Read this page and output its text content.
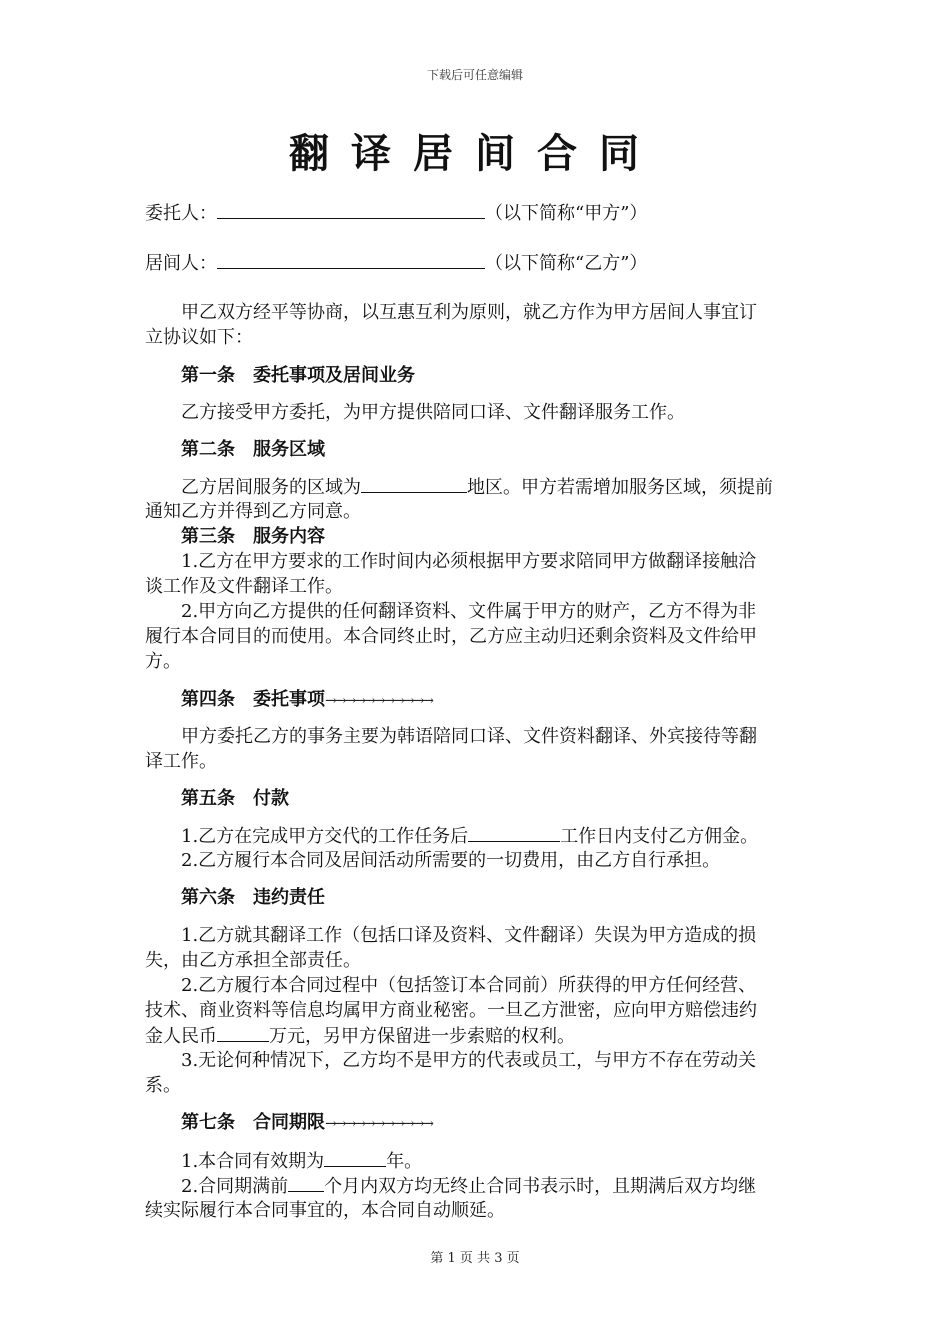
下载后可任意编辑
翻译居间合同
委托人：	（以下简称“甲方”）
居间人：	（以下简称“乙方”）
甲乙双方经平等协商，以互惠互利为原则，就乙方作为甲方居间人事宜订
立协议如下：
第一条　委托事项及居间业务
乙方接受甲方委托，为甲方提供陪同口译、文件翻译服务工作。
第二条　服务区域
乙方居间服务的区域为	地区。甲方若需增加服务区域，须提前
通知乙方并得到乙方同意。
第三条　服务内容
1.乙方在甲方要求的工作时间内必须根据甲方要求陪同甲方做翻译接触洽
谈工作及文件翻译工作。
2.甲方向乙方提供的任何翻译资料、文件属于甲方的财产，乙方不得为非
履行本合同目的而使用。本合同终止时，乙方应主动归还剩余资料及文件给甲
方。
第四条　委托事项→→→→→→→→→→→
甲方委托乙方的事务主要为韩语陪同口译、文件资料翻译、外宾接待等翻
译工作。
第五条　付款
1.乙方在完成甲方交代的工作任务后	工作日内支付乙方佣金。
2.乙方履行本合同及居间活动所需要的一切费用，由乙方自行承担。
第六条　违约责任
1.乙方就其翻译工作（包括口译及资料、文件翻译）失误为甲方造成的损
失，由乙方承担全部责任。
2.乙方履行本合同过程中（包括签订本合同前）所获得的甲方任何经营、
技术、商业资料等信息均属甲方商业秘密。一旦乙方泄密，应向甲方赔偿违约
金人民币	万元，另甲方保留进一步索赔的权利。
3.无论何种情况下，乙方均不是甲方的代表或员工，与甲方不存在劳动关
系。
第七条　合同期限→→→→→→→→→→→
1.本合同有效期为	年。
2.合同期满前 个月内双方均无终止合同书表示时，且期满后双方均继
续实际履行本合同事宜的，本合同自动顺延。
第 1 页 共 3 页
